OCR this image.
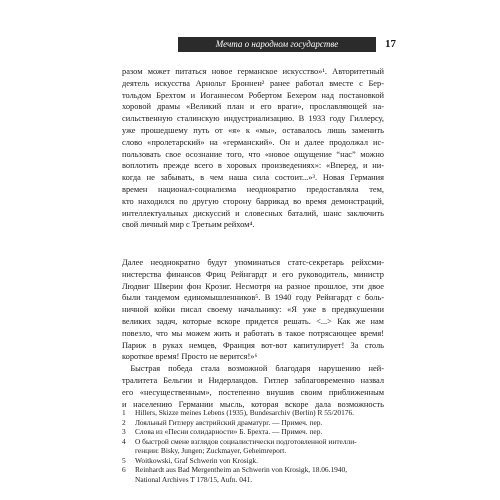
Мечта о народном государстве	17
разом может питаться новое германское искусство»¹. Авторитетный
деятель искусства Арнольт Броннен² ранее работал вместе с Бер-
тольдом Брехтом и Иоганнесом Робертом Бехером над постановкой
хоровой драмы «Великий план и его враги», прославляющей на-
сильственную сталинскую индустриализацию. В 1933 году Гиллерсу,
уже прошедшему путь от «я» к «мы», оставалось лишь заменить
слово «пролетарский» на «германский». Он и далее продолжал ис-
пользовать свое осознание того, что «новое ощущение “нас” можно
воплотить прежде всего в хоровых произведениях»: «Вперед, и ни-
когда не забывать, в чем наша сила состоит...»³. Новая Германия
времен национал-социализма неоднократно предоставляла тем,
кто находился по другую сторону баррикад во время демонстраций,
интеллектуальных дискуссий и словесных баталий, шанс заключить
свой личный мир с Третьим рейхом⁴.
Далее неоднократно будут упоминаться статс-секретарь рейхсми-
нистерства финансов Фриц Рейнгардт и его руководитель, министр
Людвиг Шверин фон Крозиг. Несмотря на разное прошлое, эти двое
были тандемом единомышленников⁵. В 1940 году Рейнгардт с боль-
ничной койки писал своему начальнику: «Я уже в предвкушении
великих задач, которые вскоре придется решать. <...> Как же нам
повезло, что мы можем жить и работать в такое потрясающее время!
Париж в руках немцев, Франция вот-вот капитулирует! За столь
короткое время! Просто не верится!»⁶
 Быстрая победа стала возможной благодаря нарушению ней-
тралитета Бельгии и Нидерландов. Гитлер заблаговременно назвал
его «несущественным», постепенно внушив своим приближенным
и населению Германии мысль, которая вскоре дала возможность
1	Hillers, Skizze meines Lebens (1935), Bundesarchiv (Berlin) R 55/20176.
2	Лояльный Гитлеру австрийский драматург. — Примеч. пер.
3	Слова из «Песни солидарности» Б. Брехта. — Примеч. пер.
4	О быстрой смене взглядов социалистически подготовленной интелли-
генции: Bisky, Jungen; Zuckmayer, Geheimreport.
5	Woitkowski, Graf Schwerin von Krosigk.
6	Reinhardt aus Bad Mergentheim an Schwerin von Krosigk, 18.06.1940,
National Archives T 178/15, Aufn. 041.
